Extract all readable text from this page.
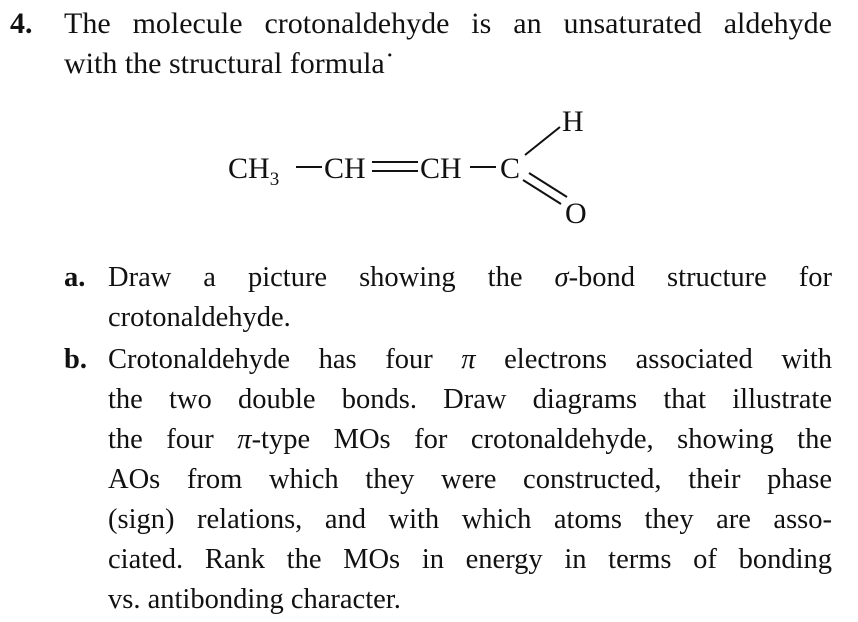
4. The molecule crotonaldehyde is an unsaturated aldehyde
with the structural formula˙
$CH_3$ CH CH C
H
O
a. Draw a picture showing the σ-bond structure for
crotonaldehyde.
b. Crotonaldehyde has four π electrons associated with
the two double bonds. Draw diagrams that illustrate
the four π-type MOs for crotonaldehyde, showing the
AOs from which they were constructed, their phase
(sign) relations, and with which atoms they are asso-
ciated. Rank the MOs in energy in terms of bonding
vs. antibonding character.
